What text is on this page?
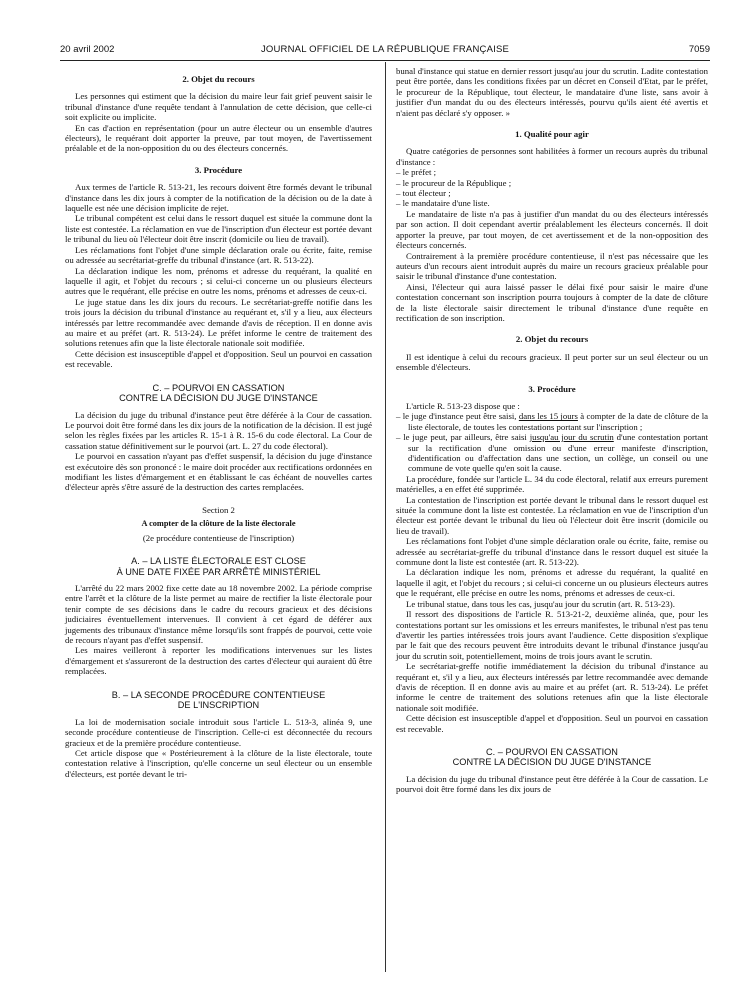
20 avril 2002	JOURNAL OFFICIEL DE LA RÉPUBLIQUE FRANÇAISE	7059
2. Objet du recours

Les personnes qui estiment que la décision du maire leur fait grief peuvent saisir le tribunal d'instance d'une requête tendant à l'annulation de cette décision, que celle-ci soit explicite ou implicite.

En cas d'action en représentation (pour un autre électeur ou un ensemble d'autres électeurs), le requérant doit apporter la preuve, par tout moyen, de l'avertissement préalable et de la non-opposition du ou des électeurs concernés.

3. Procédure

Aux termes de l'article R. 513-21, les recours doivent être formés devant le tribunal d'instance dans les dix jours à compter de la notification de la décision ou de la date à laquelle est née une décision implicite de rejet.

Le tribunal compétent est celui dans le ressort duquel est située la commune dont la liste est contestée. La réclamation en vue de l'inscription d'un électeur est portée devant le tribunal du lieu où l'électeur doit être inscrit (domicile ou lieu de travail).

Les réclamations font l'objet d'une simple déclaration orale ou écrite, faite, remise ou adressée au secrétariat-greffe du tribunal d'instance (art. R. 513-22).

La déclaration indique les nom, prénoms et adresse du requérant, la qualité en laquelle il agit, et l'objet du recours ; si celui-ci concerne un ou plusieurs électeurs autres que le requérant, elle précise en outre les noms, prénoms et adresses de ceux-ci.

Le juge statue dans les dix jours du recours. Le secrétariat-greffe notifie dans les trois jours la décision du tribunal d'instance au requérant et, s'il y a lieu, aux électeurs intéressés par lettre recommandée avec demande d'avis de réception. Il en donne avis au maire et au préfet (art. R. 513-24). Le préfet informe le centre de traitement des solutions retenues afin que la liste électorale nationale soit modifiée.

Cette décision est insusceptible d'appel et d'opposition. Seul un pourvoi en cassation est recevable.

C. – POURVOI EN CASSATION
CONTRE LA DÉCISION DU JUGE D'INSTANCE

La décision du juge du tribunal d'instance peut être déférée à la Cour de cassation. Le pourvoi doit être formé dans les dix jours de la notification de la décision. Il est jugé selon les règles fixées par les articles R. 15-1 à R. 15-6 du code électoral. La Cour de cassation statue définitivement sur le pourvoi (art. L. 27 du code électoral).

Le pourvoi en cassation n'ayant pas d'effet suspensif, la décision du juge d'instance est exécutoire dès son prononcé : le maire doit procéder aux rectifications ordonnées en modifiant les listes d'émargement et en établissant le cas échéant de nouvelles cartes d'électeur après s'être assuré de la destruction des cartes remplacées.

Section 2
A compter de la clôture de la liste électorale
(2e procédure contentieuse de l'inscription)
A. – LA LISTE ÉLECTORALE EST CLOSE
À UNE DATE FIXÉE PAR ARRÊTÉ MINISTÉRIEL

L'arrêté du 22 mars 2002 fixe cette date au 18 novembre 2002. La période comprise entre l'arrêt et la clôture de la liste permet au maire de rectifier la liste électorale pour tenir compte de ses décisions dans le cadre du recours gracieux et des décisions judiciaires éventuellement intervenues. Il convient à cet égard de déférer aux jugements des tribunaux d'instance même lorsqu'ils sont frappés de pourvoi, cette voie de recours n'ayant pas d'effet suspensif.

Les maires veilleront à reporter les modifications intervenues sur les listes d'émargement et s'assureront de la destruction des cartes d'électeur qui auraient dû être remplacées.

B. – LA SECONDE PROCÉDURE CONTENTIEUSE
DE L'INSCRIPTION

La loi de modernisation sociale introduit sous l'article L. 513-3, alinéa 9, une seconde procédure contentieuse de l'inscription. Celle-ci est déconnectée du recours gracieux et de la première procédure contentieuse.

Cet article dispose que « Postérieurement à la clôture de la liste électorale, toute contestation relative à l'inscription, qu'elle concerne un seul électeur ou un ensemble d'électeurs, est portée devant le tri-

bunal d'instance qui statue en dernier ressort jusqu'au jour du scrutin. Ladite contestation peut être portée, dans les conditions fixées par un décret en Conseil d'Etat, par le préfet, le procureur de la République, tout électeur, le mandataire d'une liste, sans avoir à justifier d'un mandat du ou des électeurs intéressés, pourvu qu'ils aient été avertis et n'aient pas déclaré s'y opposer. »

1. Qualité pour agir

Quatre catégories de personnes sont habilitées à former un recours auprès du tribunal d'instance :

– le préfet ;
– le procureur de la République ;
– tout électeur ;
– le mandataire d'une liste.

Le mandataire de liste n'a pas à justifier d'un mandat du ou des électeurs intéressés par son action. Il doit cependant avertir préalablement les électeurs concernés. Il doit apporter la preuve, par tout moyen, de cet avertissement et de la non-opposition des électeurs concernés.

Contrairement à la première procédure contentieuse, il n'est pas nécessaire que les auteurs d'un recours aient introduit auprès du maire un recours gracieux préalable pour saisir le tribunal d'instance d'une contestation.

Ainsi, l'électeur qui aura laissé passer le délai fixé pour saisir le maire d'une contestation concernant son inscription pourra toujours à compter de la date de clôture de la liste électorale saisir directement le tribunal d'instance d'une requête en rectification de son inscription.

2. Objet du recours

Il est identique à celui du recours gracieux. Il peut porter sur un seul électeur ou un ensemble d'électeurs.

3. Procédure

L'article R. 513-23 dispose que :

– le juge d'instance peut être saisi, dans les 15 jours à compter de la date de clôture de la liste électorale, de toutes les contestations portant sur l'inscription ;
– le juge peut, par ailleurs, être saisi jusqu'au jour du scrutin d'une contestation portant sur la rectification d'une omission ou d'une erreur manifeste d'inscription, d'identification ou d'affectation dans une section, un collège, un conseil ou une commune de vote quelle qu'en soit la cause.

La procédure, fondée sur l'article L. 34 du code électoral, relatif aux erreurs purement matérielles, a en effet été supprimée.

La contestation de l'inscription est portée devant le tribunal dans le ressort duquel est située la commune dont la liste est contestée. La réclamation en vue de l'inscription d'un électeur est portée devant le tribunal du lieu où l'électeur doit être inscrit (domicile ou lieu de travail).

Les réclamations font l'objet d'une simple déclaration orale ou écrite, faite, remise ou adressée au secrétariat-greffe du tribunal d'instance dans le ressort duquel est située la commune dont la liste est contestée (art. R. 513-22).

La déclaration indique les nom, prénoms et adresse du requérant, la qualité en laquelle il agit, et l'objet du recours ; si celui-ci concerne un ou plusieurs électeurs autres que le requérant, elle précise en outre les noms, prénoms et adresses de ceux-ci.

Le tribunal statue, dans tous les cas, jusqu'au jour du scrutin (art. R. 513-23).

Il ressort des dispositions de l'article R. 513-21-2, deuxième alinéa, que, pour les contestations portant sur les omissions et les erreurs manifestes, le tribunal n'est pas tenu d'avertir les parties intéressées trois jours avant l'audience. Cette disposition s'explique par le fait que des recours peuvent être introduits devant le tribunal d'instance jusqu'au jour du scrutin soit, potentiellement, moins de trois jours avant le scrutin.

Le secrétariat-greffe notifie immédiatement la décision du tribunal d'instance au requérant et, s'il y a lieu, aux électeurs intéressés par lettre recommandée avec demande d'avis de réception. Il en donne avis au maire et au préfet (art. R. 513-24). Le préfet informe le centre de traitement des solutions retenues afin que la liste électorale nationale soit modifiée.

Cette décision est insusceptible d'appel et d'opposition. Seul un pourvoi en cassation est recevable.

C. – POURVOI EN CASSATION
CONTRE LA DÉCISION DU JUGE D'INSTANCE

La décision du juge du tribunal d'instance peut être déférée à la Cour de cassation. Le pourvoi doit être formé dans les dix jours de
